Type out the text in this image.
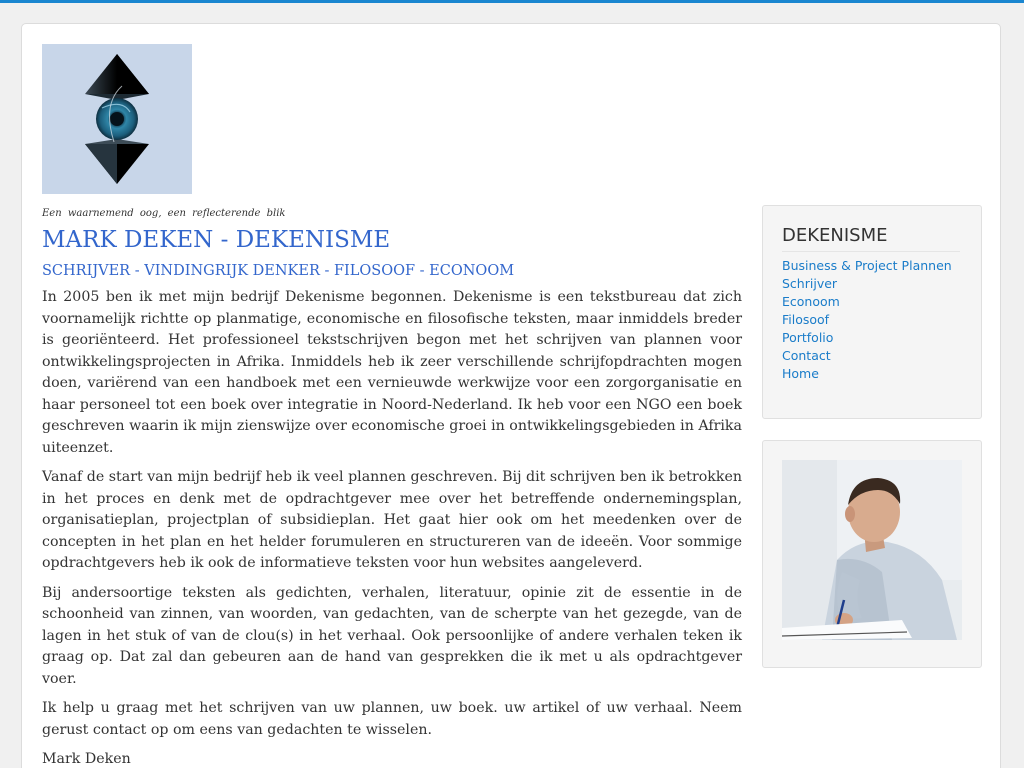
Een waarnemend oog, een reflecterende blik
MARK DEKEN - DEKENISME
SCHRIJVER - VINDINGRIJK DENKER - FILOSOOF - ECONOOM

In 2005 ben ik met mijn bedrijf Dekenisme begonnen. Dekenisme is een tekstbureau dat zich voornamelijk richtte op planmatige, economische en filosofische teksten, maar inmiddels breder is georiënteerd. Het professioneel tekstschrijven begon met het schrijven van plannen voor ontwikkelingsprojecten in Afrika. Inmiddels heb ik zeer verschillende schrijfopdrachten mogen doen, variërend van een handboek met een vernieuwde werkwijze voor een zorgorganisatie en haar personeel tot een boek over integratie in Noord-Nederland. Ik heb voor een NGO een boek geschreven waarin ik mijn zienswijze over economische groei in ontwikkelingsgebieden in Afrika uiteenzet.

Vanaf de start van mijn bedrijf heb ik veel plannen geschreven. Bij dit schrijven ben ik betrokken in het proces en denk met de opdrachtgever mee over het betreffende ondernemingsplan, organisatieplan, projectplan of subsidieplan. Het gaat hier ook om het meedenken over de concepten in het plan en het helder forumuleren en structureren van de ideeën. Voor sommige opdrachtgevers heb ik ook de informatieve teksten voor hun websites aangeleverd.

Bij andersoortige teksten als gedichten, verhalen, literatuur, opinie zit de essentie in de schoonheid van zinnen, van woorden, van gedachten, van de scherpte van het gezegde, van de lagen in het stuk of van de clou(s) in het verhaal. Ook persoonlijke of andere verhalen teken ik graag op. Dat zal dan gebeuren aan de hand van gesprekken die ik met u als opdrachtgever voer.

Ik help u graag met het schrijven van uw plannen, uw boek. uw artikel of uw verhaal. Neem gerust contact op om eens van gedachten te wisselen.

Mark Deken

DEKENISME
Business & Project Plannen
Schrijver
Econoom
Filosoof
Portfolio
Contact
Home
